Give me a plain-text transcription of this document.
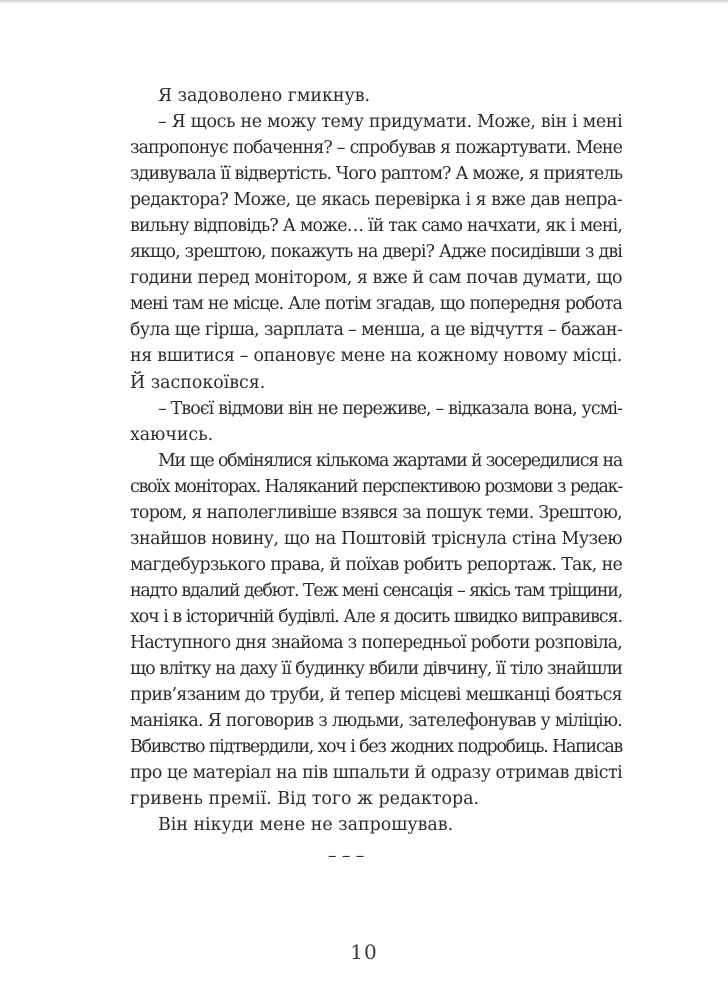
Я задоволено гмикнув.
– Я щось не можу тему придумати. Може, він і мені
запропонує побачення? – спробував я пожартувати. Мене
здивувала її відвертість. Чого раптом? А може, я приятель
редактора? Може, це якась перевірка і я вже дав непра-
вильну відповідь? А може… їй так само начхати, як і мені,
якщо, зрештою, покажуть на двері? Адже посидівши з дві
години перед монітором, я вже й сам почав думати, що
мені там не місце. Але потім згадав, що попередня робота
була ще гірша, зарплата – менша, а це відчуття – бажан-
ня вшитися – опановує мене на кожному новому місці.
Й заспокоївся.
– Твоєї відмови він не переживе, – відказала вона, усмі-
хаючись.
Ми ще обмінялися кількома жартами й зосередилися на
своїх моніторах. Наляканий перспективою розмови з редак-
тором, я наполегливіше взявся за пошук теми. Зрештою,
знайшов новину, що на Поштовій тріснула стіна Музею
магдебурзького права, й поїхав робить репортаж. Так, не
надто вдалий дебют. Теж мені сенсація – якісь там тріщини,
хоч і в історичній будівлі. Але я досить швидко виправився.
Наступного дня знайома з попередньої роботи розповіла,
що влітку на даху її будинку вбили дівчину, її тіло знайшли
прив’язаним до труби, й тепер місцеві мешканці бояться
маніяка. Я поговорив з людьми, зателефонував у міліцію.
Вбивство підтвердили, хоч і без жодних подробиць. Написав
про це матеріал на пів шпальти й одразу отримав двісті
гривень премії. Від того ж редактора.
Він нікуди мене не запрошував.
– – –
10
